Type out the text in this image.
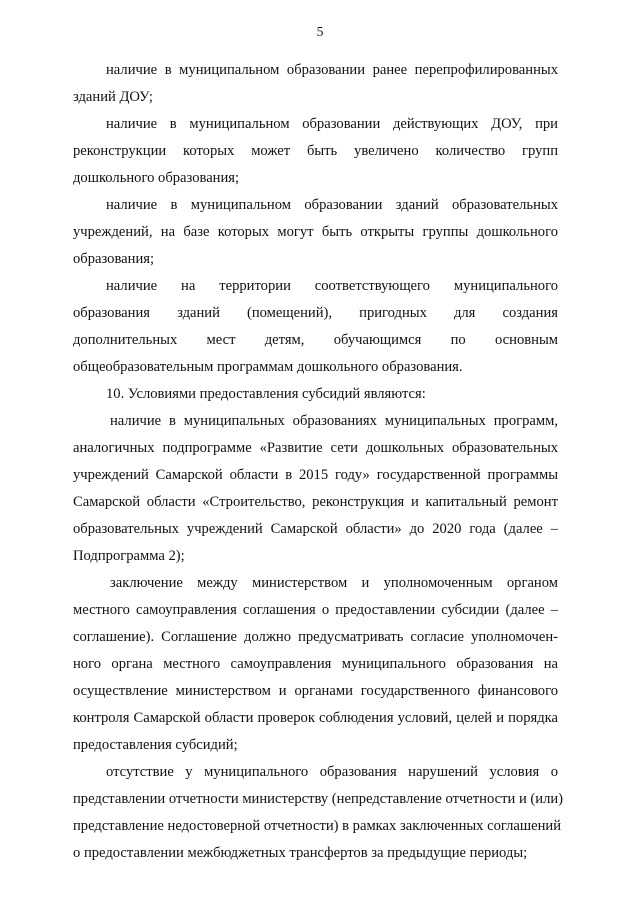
5
наличие в муниципальном образовании ранее перепрофилированных
зданий ДОУ;
наличие в муниципальном образовании действующих ДОУ, при
реконструкции которых может быть увеличено количество групп
дошкольного образования;
наличие в муниципальном образовании зданий образовательных
учреждений, на базе которых могут быть открыты группы дошкольного
образования;
наличие на территории соответствующего муниципального
образования зданий (помещений), пригодных для создания
дополнительных мест детям, обучающимся по основным
общеобразовательным программам дошкольного образования.
10. Условиями предоставления субсидий являются:
наличие в муниципальных образованиях муниципальных программ,
аналогичных подпрограмме «Развитие сети дошкольных образовательных
учреждений Самарской области в 2015 году» государственной программы
Самарской области «Строительство, реконструкция и капитальный ремонт
образовательных учреждений Самарской области» до 2020 года (далее –
Подпрограмма 2);
заключение между министерством и уполномоченным органом
местного самоуправления соглашения о предоставлении субсидии (далее –
соглашение). Соглашение должно предусматривать согласие уполномочен-
ного органа местного самоуправления муниципального образования на
осуществление министерством и органами государственного финансового
контроля Самарской области проверок соблюдения условий, целей и порядка
предоставления субсидий;
отсутствие у муниципального образования нарушений условия о
представлении отчетности министерству (непредставление отчетности и (или)
представление недостоверной отчетности) в рамках заключенных соглашений
о предоставлении межбюджетных трансфертов за предыдущие периоды;
